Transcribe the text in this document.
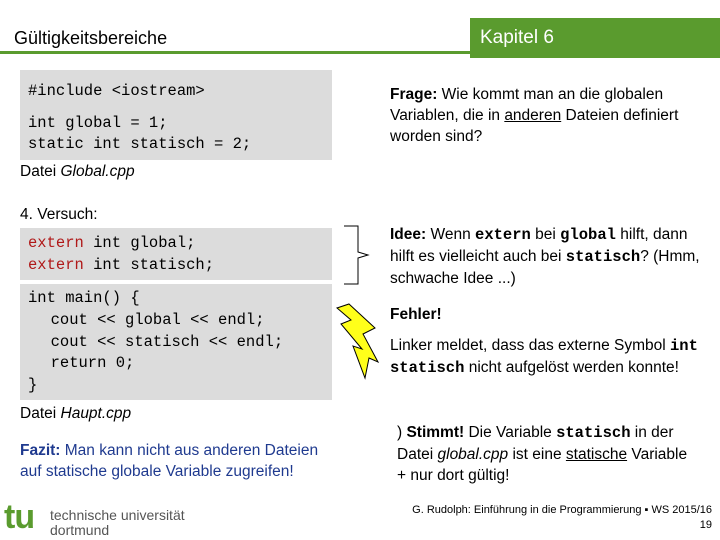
Gültigkeitsbereiche	Kapitel 6

#include <iostream>

int global = 1;

static int statisch = 2;

Datei Global.cpp
4. Versuch:

extern int global;

extern int statisch;

int main() {

cout << global << endl;

cout << statisch << endl;

return 0;

}

Datei Haupt.cpp
Fazit: Man kann nicht aus anderen Dateien auf statische globale Variable zugreifen!
Frage: Wie kommt man an die globalen Variablen, die in anderen Dateien definiert worden sind?
Idee: Wenn extern bei global hilft, dann hilft es vielleicht auch bei statisch? (Hmm, schwache Idee ...)
Fehler!
Linker meldet, dass das externe Symbol int statisch nicht aufgelöst werden konnte!
) Stimmt! Die Variable statisch in der Datei global.cpp ist eine statische Variable + nur dort gültig!
tu technische universität
dortmund
G. Rudolph: Einführung in die Programmierung ▪ WS 2015/16
19
